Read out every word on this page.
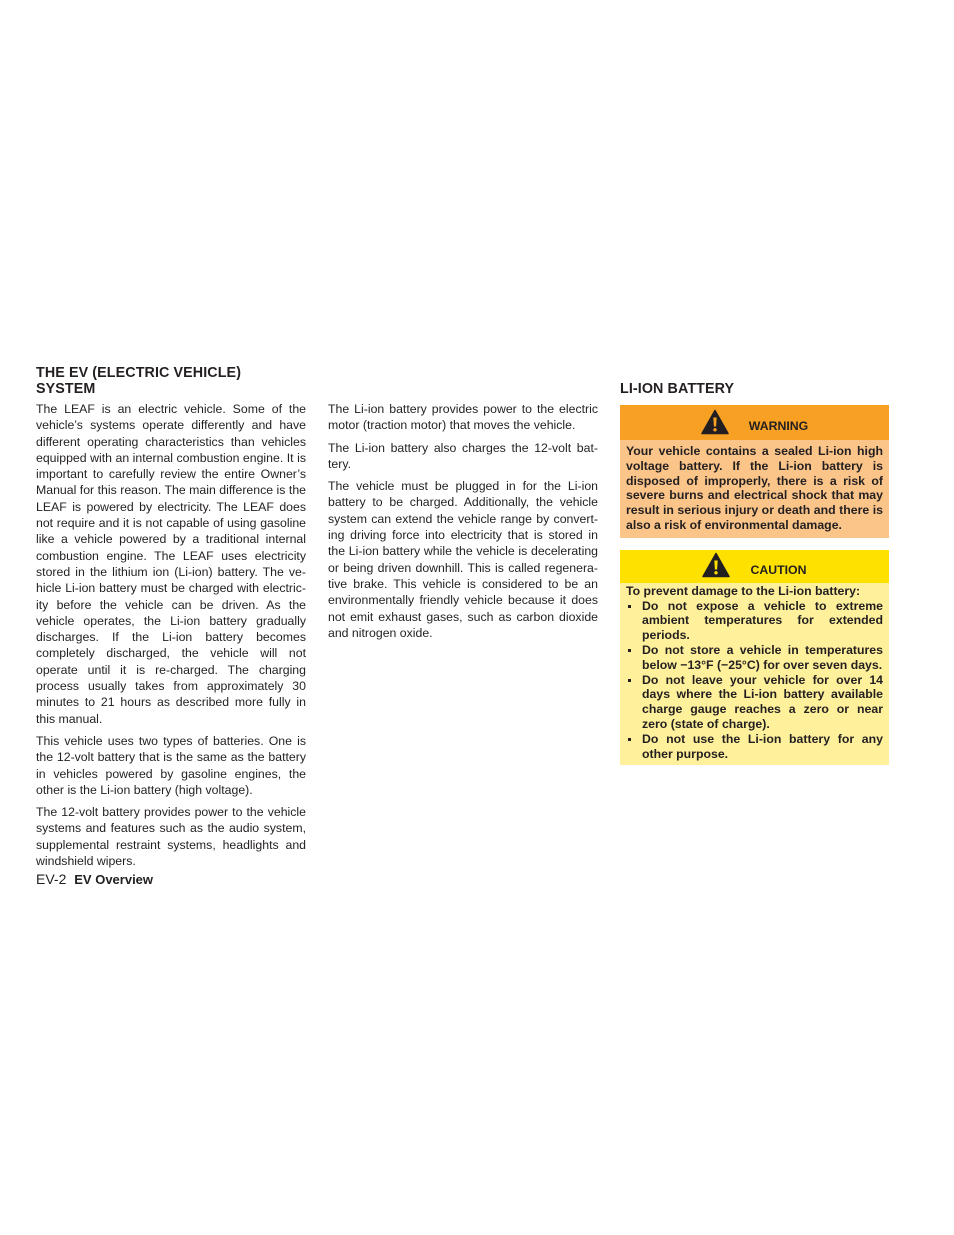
THE EV (ELECTRIC VEHICLE)
SYSTEM

The LEAF is an electric vehicle. Some of the vehicle’s systems operate differently and have different operating characteristics than vehicles equipped with an internal combustion engine. It is important to carefully review the entire Owner’s Manual for this reason. The main difference is the LEAF is powered by electricity. The LEAF does not require and it is not capable of using gasoline like a vehicle powered by a traditional internal combustion engine. The LEAF uses electricity stored in the lithium ion (Li-ion) battery. The vehicle Li-ion battery must be charged with electricity before the vehicle can be driven. As the vehicle operates, the Li-ion battery gradually discharges. If the Li-ion battery becomes completely discharged, the vehicle will not operate until it is re-charged. The charging process usually takes from approximately 30 minutes to 21 hours as described more fully in this manual.

This vehicle uses two types of batteries. One is the 12-volt battery that is the same as the battery in vehicles powered by gasoline engines, the other is the Li-ion battery (high voltage).

The 12-volt battery provides power to the vehicle systems and features such as the audio system, supplemental restraint systems, headlights and windshield wipers.

The Li-ion battery provides power to the electric motor (traction motor) that moves the vehicle.

The Li-ion battery also charges the 12-volt battery.

The vehicle must be plugged in for the Li-ion battery to be charged. Additionally, the vehicle system can extend the vehicle range by converting driving force into electricity that is stored in the Li-ion battery while the vehicle is decelerating or being driven downhill. This is called regenerative brake. This vehicle is considered to be an environmentally friendly vehicle because it does not emit exhaust gases, such as carbon dioxide and nitrogen oxide.

LI-ION BATTERY
WARNING
Your vehicle contains a sealed Li-ion high voltage battery. If the Li-ion battery is disposed of improperly, there is a risk of severe burns and electrical shock that may result in serious injury or death and there is also a risk of environmental damage.
CAUTION
To prevent damage to the Li-ion battery:
Do not expose a vehicle to extreme ambient temperatures for extended periods.
Do not store a vehicle in temperatures below −13°F (−25°C) for over seven days.
Do not leave your vehicle for over 14 days where the Li-ion battery available charge gauge reaches a zero or near zero (state of charge).
Do not use the Li-ion battery for any other purpose.
EV-2 EV Overview
